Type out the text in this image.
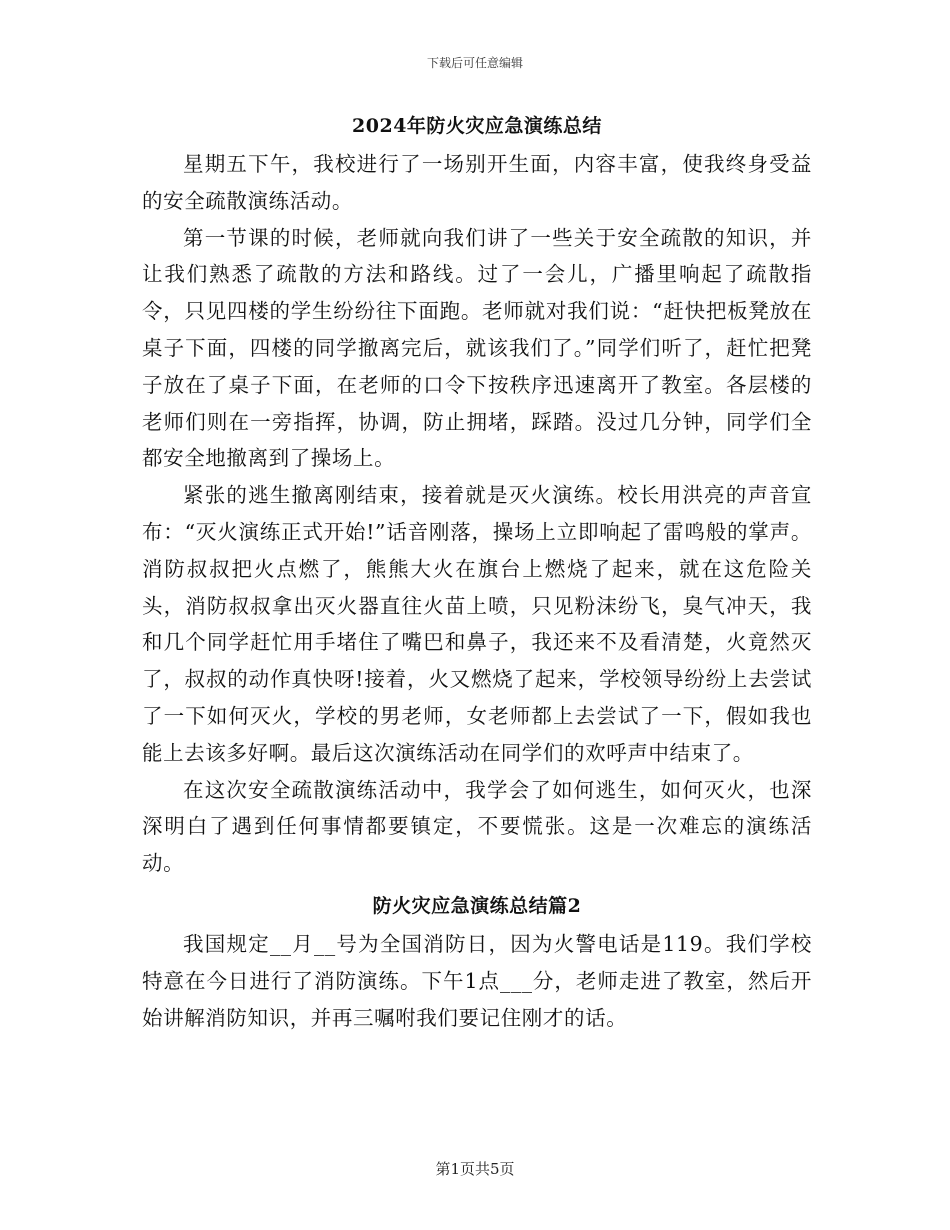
下载后可任意编辑
2024年防火灾应急演练总结

星期五下午，我校进行了一场别开生面，内容丰富，使我终身受益的安全疏散演练活动。

第一节课的时候，老师就向我们讲了一些关于安全疏散的知识，并让我们熟悉了疏散的方法和路线。过了一会儿，广播里响起了疏散指令，只见四楼的学生纷纷往下面跑。老师就对我们说：“赶快把板凳放在桌子下面，四楼的同学撤离完后，就该我们了。”同学们听了，赶忙把凳子放在了桌子下面，在老师的口令下按秩序迅速离开了教室。各层楼的老师们则在一旁指挥，协调，防止拥堵，踩踏。没过几分钟，同学们全都安全地撤离到了操场上。

紧张的逃生撤离刚结束，接着就是灭火演练。校长用洪亮的声音宣布：“灭火演练正式开始!”话音刚落，操场上立即响起了雷鸣般的掌声。消防叔叔把火点燃了，熊熊大火在旗台上燃烧了起来，就在这危险关头，消防叔叔拿出灭火器直往火苗上喷，只见粉沫纷飞，臭气冲天，我和几个同学赶忙用手堵住了嘴巴和鼻子，我还来不及看清楚，火竟然灭了，叔叔的动作真快呀!接着，火又燃烧了起来，学校领导纷纷上去尝试了一下如何灭火，学校的男老师，女老师都上去尝试了一下，假如我也能上去该多好啊。最后这次演练活动在同学们的欢呼声中结束了。

在这次安全疏散演练活动中，我学会了如何逃生，如何灭火，也深深明白了遇到任何事情都要镇定，不要慌张。这是一次难忘的演练活动。

防火灾应急演练总结篇2

我国规定__月__号为全国消防日，因为火警电话是119。我们学校特意在今日进行了消防演练。下午1点___分，老师走进了教室，然后开始讲解消防知识，并再三嘱咐我们要记住刚才的话。

第1页共5页
